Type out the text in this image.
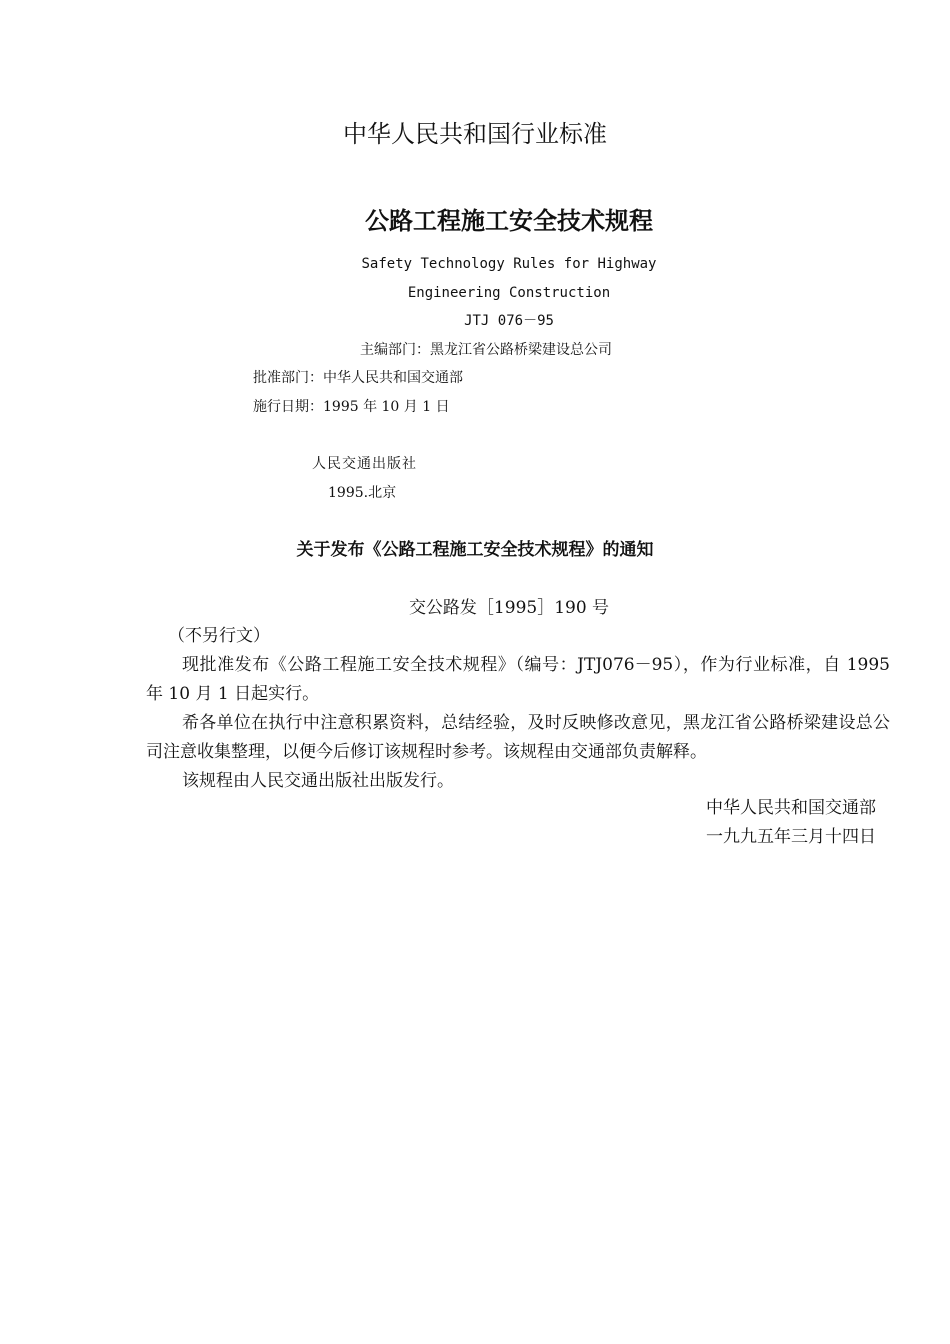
中华人民共和国行业标准
公路工程施工安全技术规程
Safety Technology Rules for Highway
Engineering Construction
JTJ 076－95
主编部门：黑龙江省公路桥梁建设总公司
批准部门：中华人民共和国交通部
施行日期：1995 年 10 月 1 日
人民交通出版社
1995.北京
关于发布《公路工程施工安全技术规程》的通知
交公路发［1995］190 号
（不另行文）
现批准发布《公路工程施工安全技术规程》（编号：JTJ076－95），作为行业标准，自 1995 年 10 月 1 日起实行。
希各单位在执行中注意积累资料，总结经验，及时反映修改意见，黑龙江省公路桥梁建设总公司注意收集整理，以便今后修订该规程时参考。该规程由交通部负责解释。
该规程由人民交通出版社出版发行。
中华人民共和国交通部
一九九五年三月十四日
